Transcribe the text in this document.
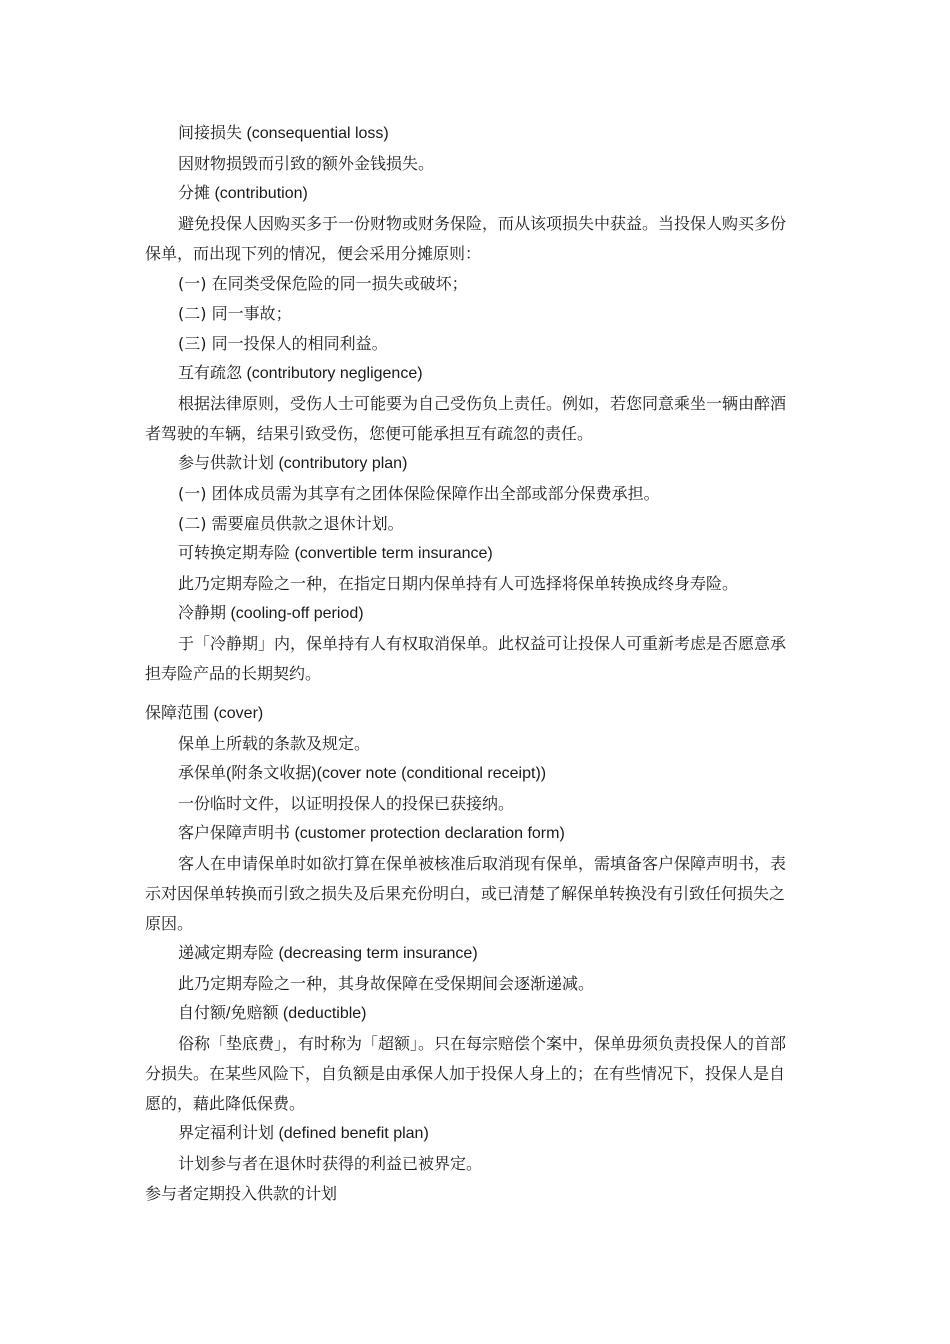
间接损失 (consequential loss)
因财物损毁而引致的额外金钱损失。
分摊 (contribution)
避免投保人因购买多于一份财物或财务保险，而从该项损失中获益。当投保人购买多份
保单，而出现下列的情况，便会采用分摊原则：
(一) 在同类受保危险的同一损失或破坏；
(二) 同一事故；
(三) 同一投保人的相同利益。
互有疏忽 (contributory negligence)
根据法律原则，受伤人士可能要为自己受伤负上责任。例如，若您同意乘坐一辆由醉酒
者驾驶的车辆，结果引致受伤，您便可能承担互有疏忽的责任。
参与供款计划 (contributory plan)
(一) 团体成员需为其享有之团体保险保障作出全部或部分保费承担。
(二) 需要雇员供款之退休计划。
可转换定期寿险 (convertible term insurance)
此乃定期寿险之一种，在指定日期内保单持有人可选择将保单转换成终身寿险。
冷静期 (cooling-off period)
于「冷静期」内，保单持有人有权取消保单。此权益可让投保人可重新考虑是否愿意承
担寿险产品的长期契约。
保障范围 (cover)
保单上所载的条款及规定。
承保单(附条文收据)(cover note (conditional receipt))
一份临时文件，以证明投保人的投保已获接纳。
客户保障声明书 (customer protection declaration form)
客人在申请保单时如欲打算在保单被核准后取消现有保单，需填备客户保障声明书，表
示对因保单转换而引致之损失及后果充份明白，或已清楚了解保单转换没有引致任何损失之
原因。
递减定期寿险 (decreasing term insurance)
此乃定期寿险之一种，其身故保障在受保期间会逐渐递减。
自付额/免赔额 (deductible)
俗称「垫底费」，有时称为「超额」。只在每宗赔偿个案中，保单毋须负责投保人的首部
分损失。在某些风险下，自负额是由承保人加于投保人身上的；在有些情况下，投保人是自
愿的，藉此降低保费。
界定福利计划 (defined benefit plan)
计划参与者在退休时获得的利益已被界定。
参与者定期投入供款的计划
